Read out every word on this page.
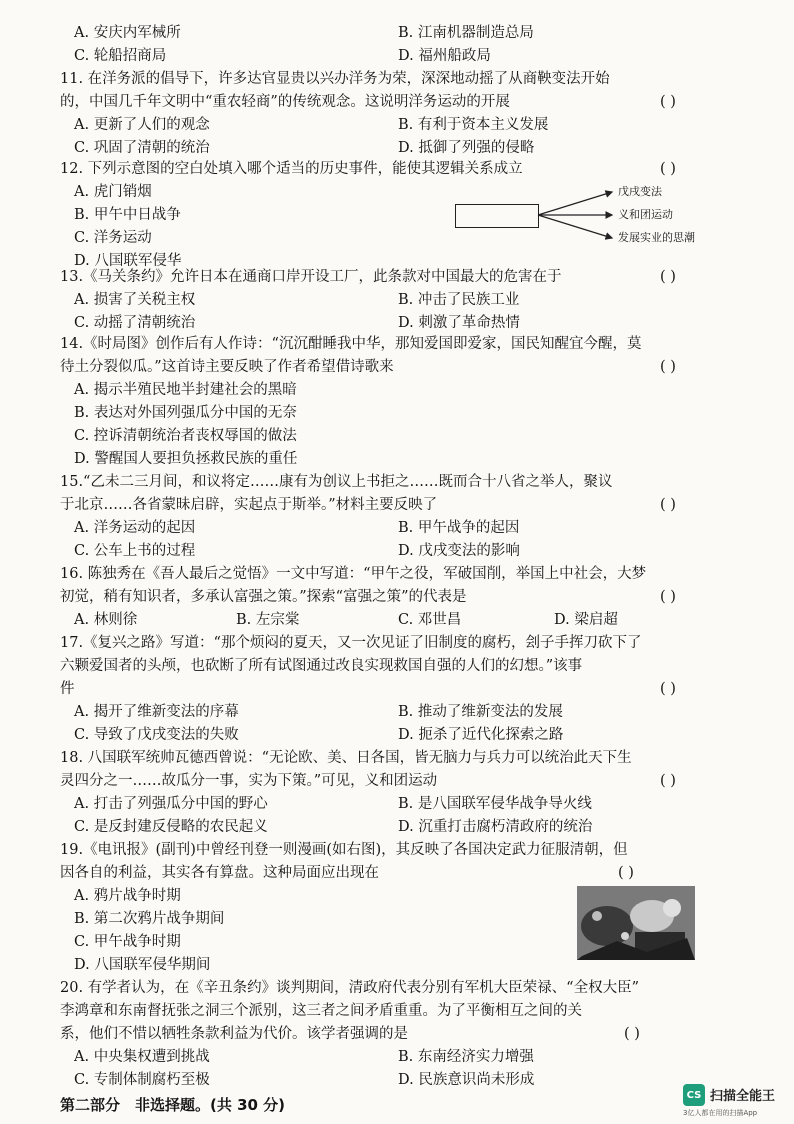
A. 安庆内军械所	B. 江南机器制造总局
C. 轮船招商局	D. 福州船政局
11. 在洋务派的倡导下，许多达官显贵以兴办洋务为荣，深深地动摇了从商鞅变法开始
的，中国几千年文明中“重农轻商”的传统观念。这说明洋务运动的开展	( )
A. 更新了人们的观念	B. 有利于资本主义发展
C. 巩固了清朝的统治	D. 抵御了列强的侵略
12. 下列示意图的空白处填入哪个适当的历史事件，能使其逻辑关系成立	( )
A. 虎门销烟
B. 甲午中日战争
C. 洋务运动
D. 八国联军侵华
戊戌变法
义和团运动
发展实业的思潮
13.《马关条约》允许日本在通商口岸开设工厂，此条款对中国最大的危害在于	( )
A. 损害了关税主权	B. 冲击了民族工业
C. 动摇了清朝统治	D. 刺激了革命热情
14.《时局图》创作后有人作诗：“沉沉酣睡我中华，那知爱国即爱家，国民知醒宜今醒，莫
待土分裂似瓜。”这首诗主要反映了作者希望借诗歌来	( )
A. 揭示半殖民地半封建社会的黑暗
B. 表达对外国列强瓜分中国的无奈
C. 控诉清朝统治者丧权辱国的做法
D. 警醒国人要担负拯救民族的重任
15.“乙未二三月间，和议将定……康有为创议上书拒之……既而合十八省之举人，聚议
于北京……各省蒙昧启辟，实起点于斯举。”材料主要反映了	( )
A. 洋务运动的起因	B. 甲午战争的起因
C. 公车上书的过程	D. 戊戌变法的影响
16. 陈独秀在《吾人最后之觉悟》一文中写道：“甲午之役，军破国削，举国上中社会，大梦
初觉，稍有知识者，多承认富强之策。”探索“富强之策”的代表是	( )
A. 林则徐	B. 左宗棠	C. 邓世昌	D. 梁启超
17.《复兴之路》写道：“那个烦闷的夏天，又一次见证了旧制度的腐朽，刽子手挥刀砍下了
六颗爱国者的头颅，也砍断了所有试图通过改良实现救国自强的人们的幻想。”该事
件	( )
A. 揭开了维新变法的序幕	B. 推动了维新变法的发展
C. 导致了戊戌变法的失败	D. 扼杀了近代化探索之路
18. 八国联军统帅瓦德西曾说：“无论欧、美、日各国，皆无脑力与兵力可以统治此天下生
灵四分之一……故瓜分一事，实为下策。”可见，义和团运动	( )
A. 打击了列强瓜分中国的野心	B. 是八国联军侵华战争导火线
C. 是反封建反侵略的农民起义	D. 沉重打击腐朽清政府的统治
19.《电讯报》(副刊)中曾经刊登一则漫画(如右图)，其反映了各国决定武力征服清朝，但
因各自的利益，其实各有算盘。这种局面应出现在	( )
A. 鸦片战争时期
B. 第二次鸦片战争期间
C. 甲午战争时期
D. 八国联军侵华期间
20. 有学者认为，在《辛丑条约》谈判期间，清政府代表分别有军机大臣荣禄、“全权大臣”
李鸿章和东南督抚张之洞三个派别，这三者之间矛盾重重。为了平衡相互之间的关
系，他们不惜以牺牲条款利益为代价。该学者强调的是	( )
A. 中央集权遭到挑战	B. 东南经济实力增强
C. 专制体制腐朽至极	D. 民族意识尚未形成
第二部分　非选择题。(共 30 分)
CS 扫描全能王
3亿人都在用的扫描App
